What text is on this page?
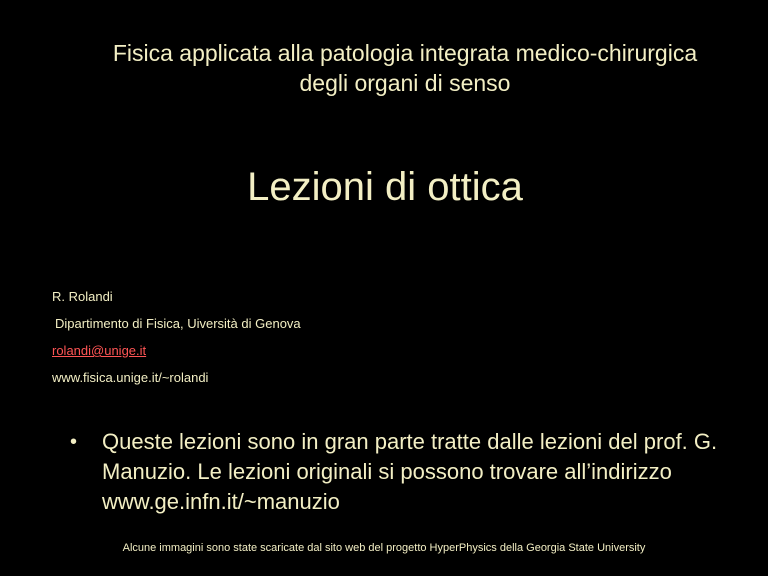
Fisica applicata alla patologia integrata medico-chirurgica
degli organi di senso
Lezioni di ottica
R. Rolandi
Dipartimento di Fisica, Uiversità di Genova
rolandi@unige.it
www.fisica.unige.it/~rolandi
•	Queste lezioni sono in gran parte tratte dalle lezioni del prof. G. Manuzio. Le lezioni originali si possono trovare all’indirizzo www.ge.infn.it/~manuzio
Alcune immagini sono state scaricate dal sito web del progetto HyperPhysics della Georgia State University
